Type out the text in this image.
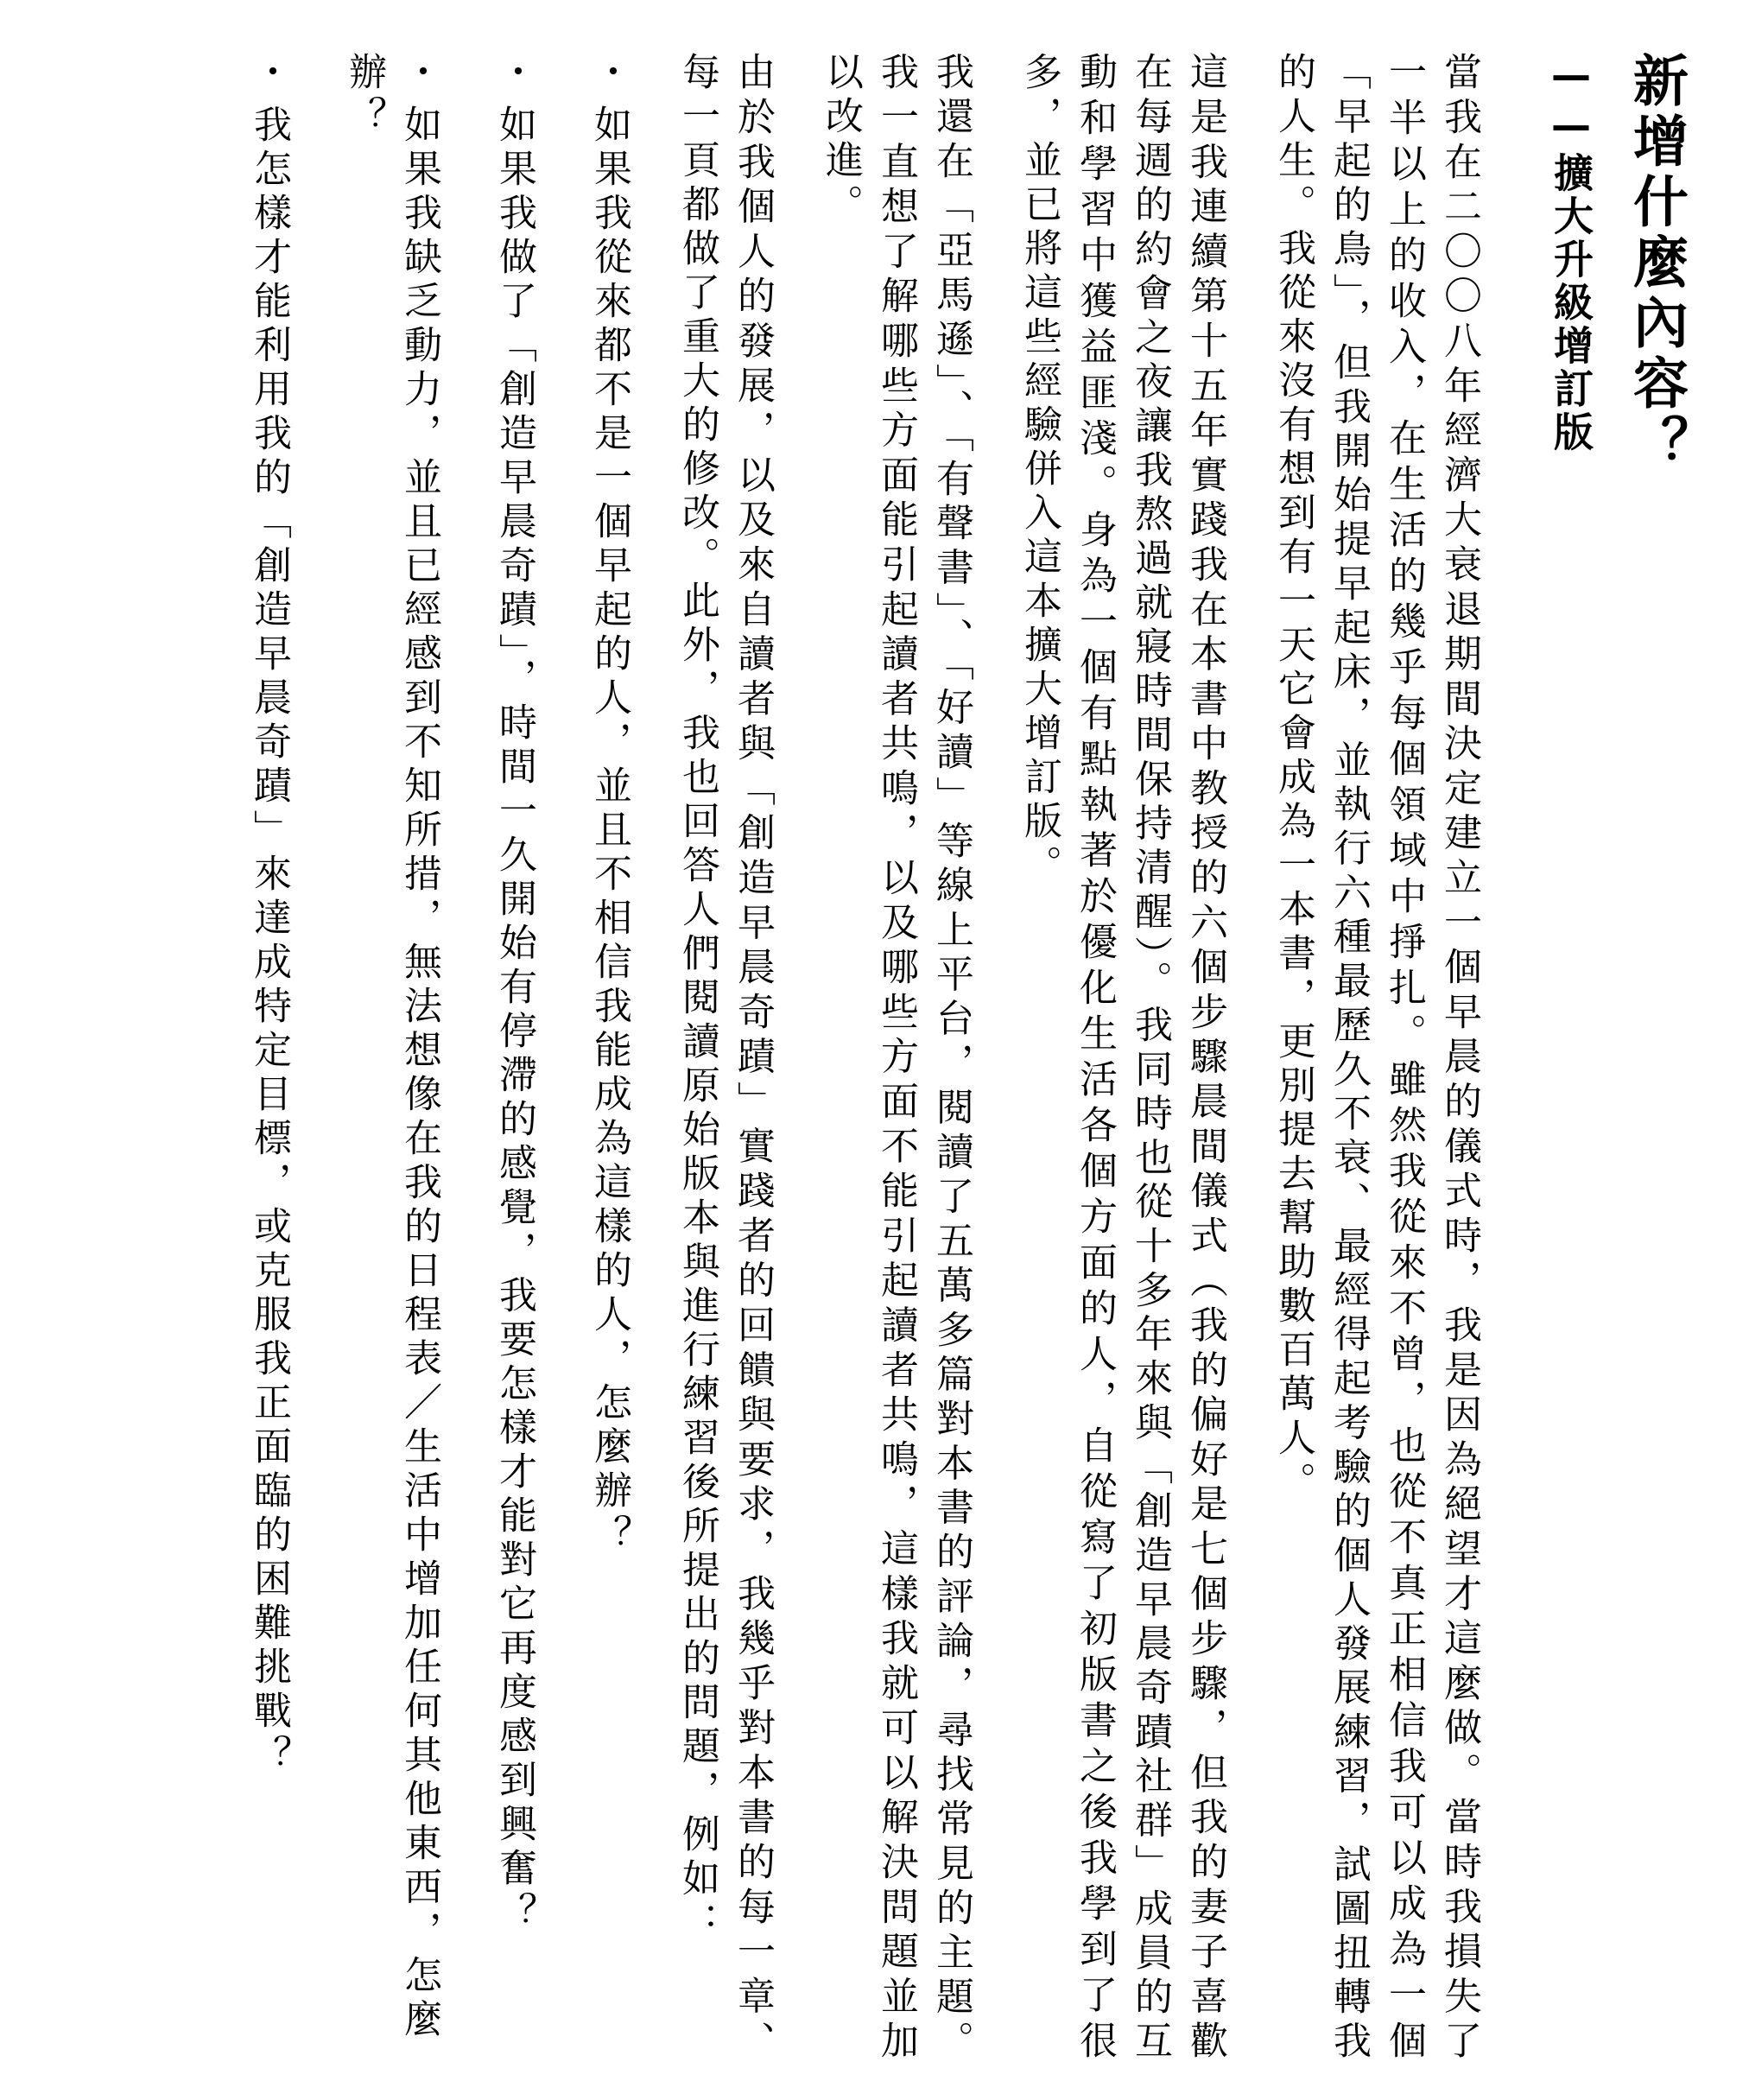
新增什麼內容？
——擴大升級增訂版

當我在二〇〇八年經濟大衰退期間決定建立一個早晨的儀式時，我是因為絕望才這麼做。當時我損失了一半以上的收入，在生活的幾乎每個領域中掙扎。雖然我從來不曾，也從不真正相信我可以成為一個「早起的鳥」，但我開始提早起床，並執行六種最歷久不衰、最經得起考驗的個人發展練習，試圖扭轉我的人生。我從來沒有想到有一天它會成為一本書，更別提去幫助數百萬人。

這是我連續第十五年實踐我在本書中教授的六個步驟晨間儀式（我的偏好是七個步驟，但我的妻子喜歡在每週的約會之夜讓我熬過就寢時間保持清醒）。我同時也從十多年來與「創造早晨奇蹟社群」成員的互動和學習中獲益匪淺。身為一個有點執著於優化生活各個方面的人，自從寫了初版書之後我學到了很多，並已將這些經驗併入這本擴大增訂版。

我還在「亞馬遜」、「有聲書」、「好讀」等線上平台，閱讀了五萬多篇對本書的評論，尋找常見的主題。我一直想了解哪些方面能引起讀者共鳴，以及哪些方面不能引起讀者共鳴，這樣我就可以解決問題並加以改進。

由於我個人的發展，以及來自讀者與「創造早晨奇蹟」實踐者的回饋與要求，我幾乎對本書的每一章、每一頁都做了重大的修改。此外，我也回答人們閱讀原始版本與進行練習後所提出的問題，例如：

・如果我從來都不是一個早起的人，並且不相信我能成為這樣的人，怎麼辦？
・如果我做了「創造早晨奇蹟」，時間一久開始有停滯的感覺，我要怎樣才能對它再度感到興奮？
・如果我缺乏動力，並且已經感到不知所措，無法想像在我的日程表／生活中增加任何其他東西，怎麼辦？
・我怎樣才能利用我的「創造早晨奇蹟」來達成特定目標，或克服我正面臨的困難挑戰？
